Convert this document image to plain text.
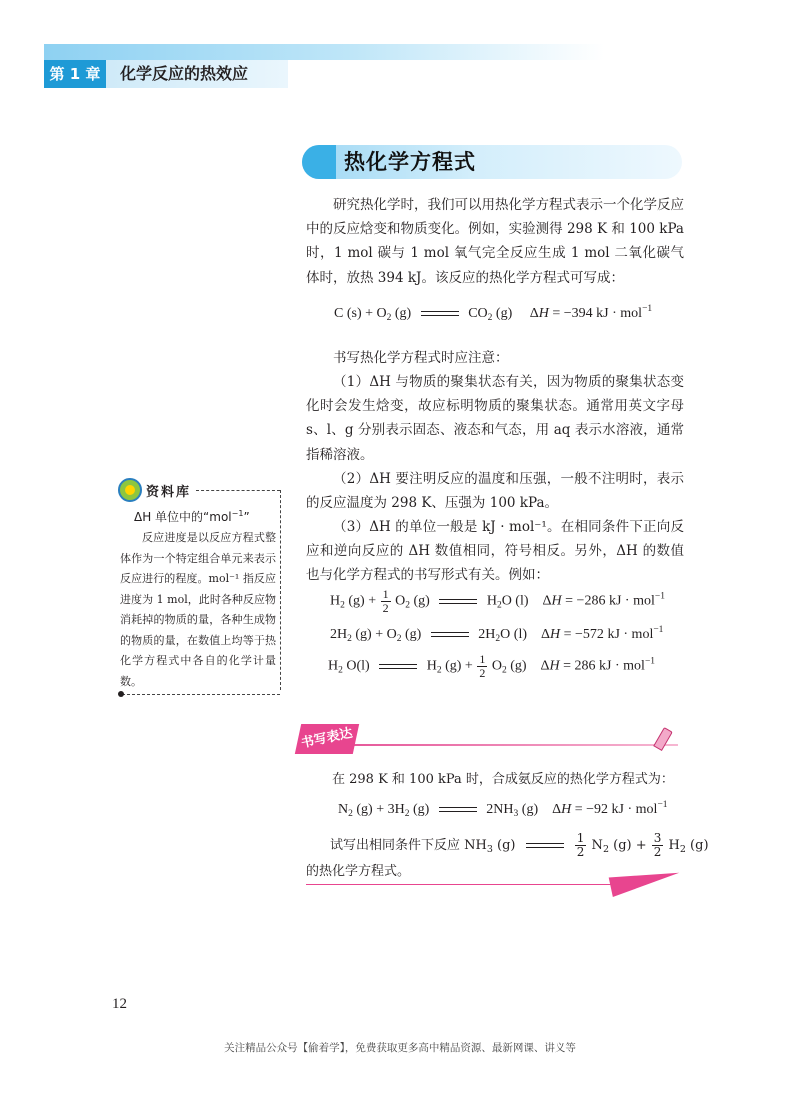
第 1 章	化学反应的热效应
热化学方程式
研究热化学时，我们可以用热化学方程式表示一个化学反应中的反应焓变和物质变化。例如，实验测得 298 K 和 100 kPa 时，1 mol 碳与 1 mol 氧气完全反应生成 1 mol 二氧化碳气体时，放热 394 kJ。该反应的热化学方程式可写成：
C $(s) + O_2$ (g)	$CO_2$ (g) ΔH = −394 kJ · mol$^{-1}$
书写热化学方程式时应注意：
（1）ΔH 与物质的聚集状态有关，因为物质的聚集状态变化时会发生焓变，故应标明物质的聚集状态。通常用英文字母 s、l、g 分别表示固态、液态和气态，用 aq 表示水溶液，通常指稀溶液。
（2）ΔH 要注明反应的温度和压强，一般不注明时，表示的反应温度为 298 K、压强为 100 kPa。
（3）ΔH 的单位一般是 kJ · mol⁻¹。在相同条件下正向反应和逆向反应的 ΔH 数值相同，符号相反。另外，ΔH 的数值也与化学方程式的书写形式有关。例如：
$H_2$ $(g) + \frac{1}{2} O_2$ (g)	$H_2O$ (l)    ΔH = −286 kJ · mol$^{-1}$
$2H_2$ $(g) + O_2$ (g)	$2H_2O$ (l)    ΔH = −572 kJ · mol$^{-1}$
$H_2$ O(l)	$H_2$ $(g) + \frac{1}{2} O_2$ (g)    ΔH = 286 kJ · mol$^{-1}$
资料库
ΔH 单位中的“mol$^{-1}$”
反应进度是以反应方程式整体作为一个特定组合单元来表示反应进行的程度。mol⁻¹ 指反应进度为 1 mol，此时各种反应物消耗掉的物质的量，各种生成物的物质的量，在数值上均等于热化学方程式中各自的化学计量数。
书写表达
在 298 K 和 100 kPa 时，合成氨反应的热化学方程式为：
$N_2$ $(g) + 3H_2$ (g)	$2NH_3$ (g)    ΔH = −92 kJ · mol$^{-1}$
试写出相同条件下反应 $NH_3$ (g)	$\frac{1}{2} N_2$ $(g) + \frac{3}{2} H_2$ (g)
的热化学方程式。
12
关注精品公众号【偷着学】，免费获取更多高中精品资源、最新网课、讲义等
